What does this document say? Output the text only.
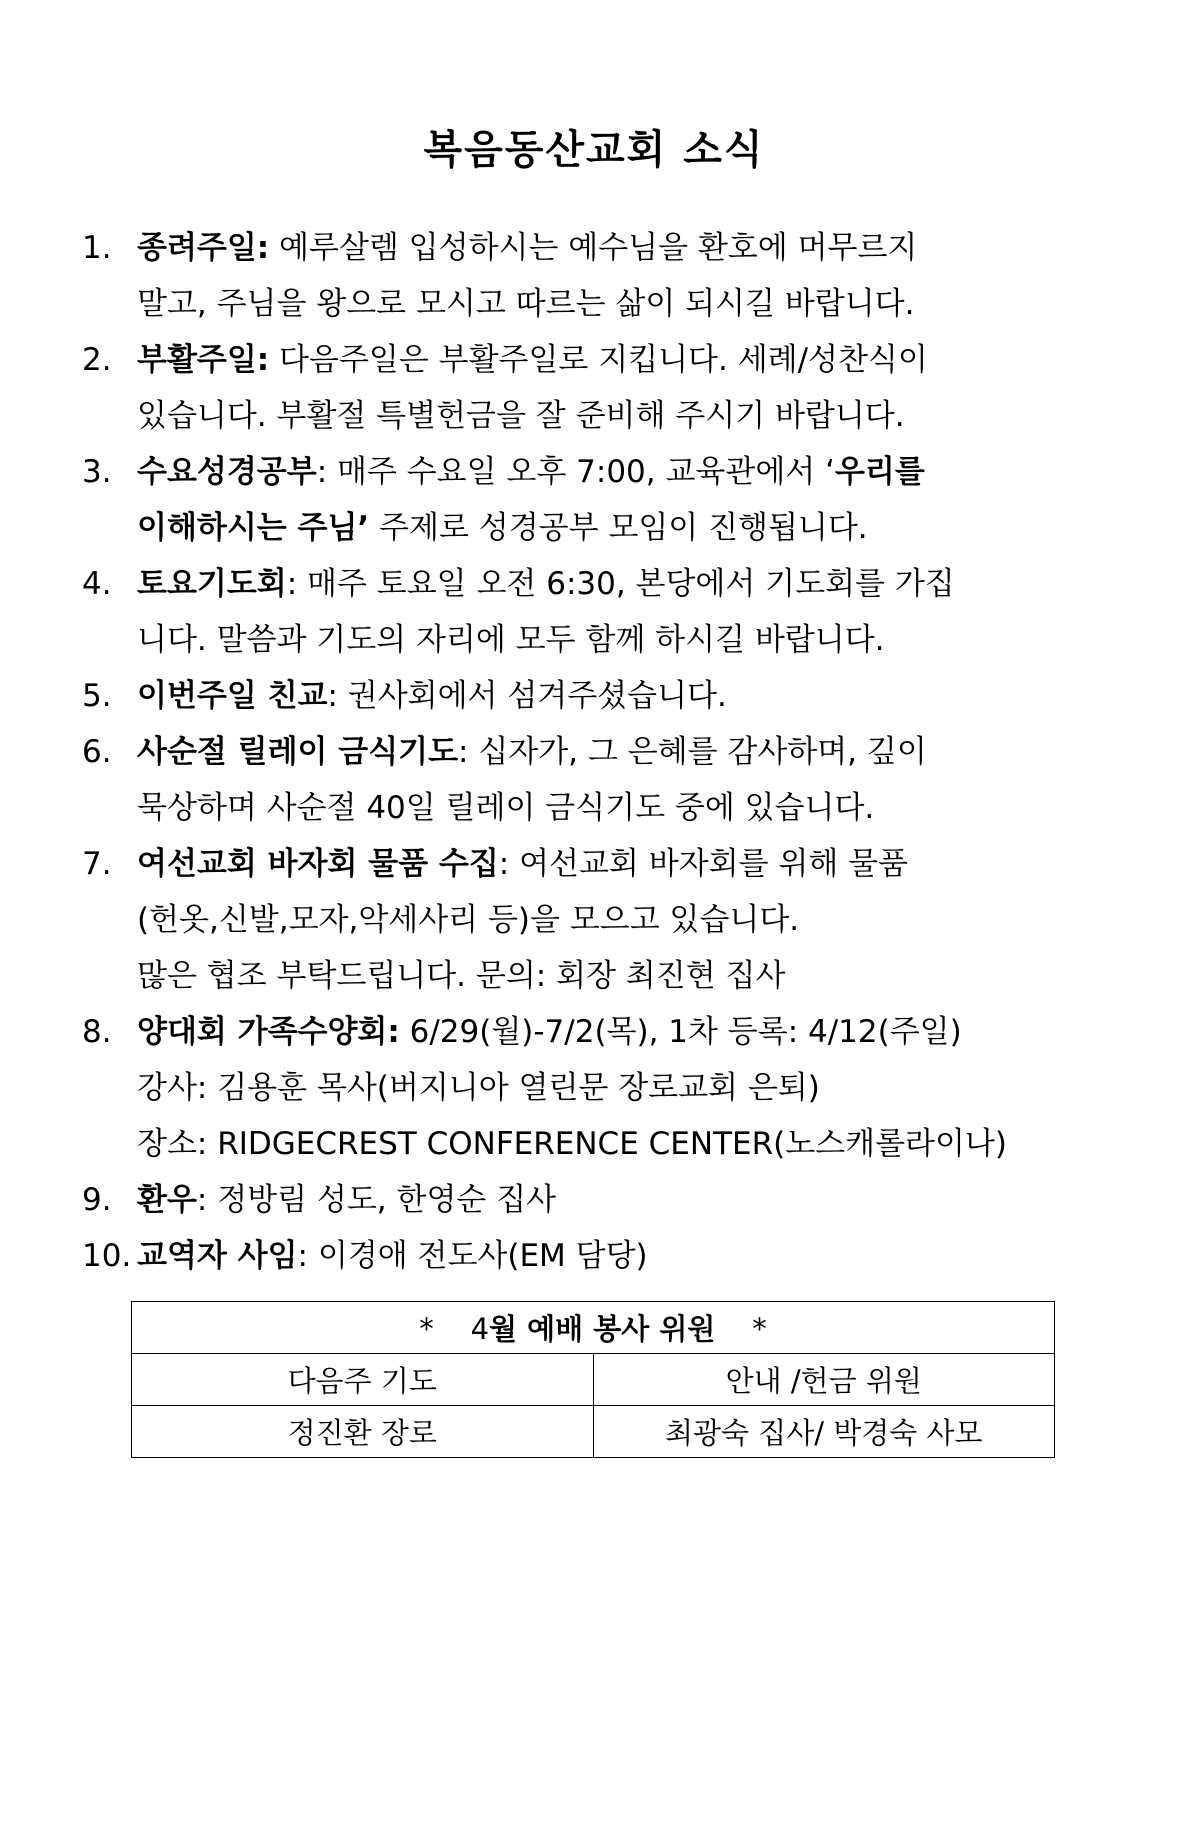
복음동산교회 소식
1. 종려주일: 예루살렘 입성하시는 예수님을 환호에 머무르지
말고, 주님을 왕으로 모시고 따르는 삶이 되시길 바랍니다.
2. 부활주일: 다음주일은 부활주일로 지킵니다. 세례/성찬식이
있습니다. 부활절 특별헌금을 잘 준비해 주시기 바랍니다.
3. 수요성경공부: 매주 수요일 오후 7:00, 교육관에서 ‘우리를
이해하시는 주님’ 주제로 성경공부 모임이 진행됩니다.
4. 토요기도회: 매주 토요일 오전 6:30, 본당에서 기도회를 가집
니다. 말씀과 기도의 자리에 모두 함께 하시길 바랍니다.
5. 이번주일 친교: 권사회에서 섬겨주셨습니다.
6. 사순절 릴레이 금식기도: 십자가, 그 은혜를 감사하며, 깊이
묵상하며 사순절 40일 릴레이 금식기도 중에 있습니다.
7. 여선교회 바자회 물품 수집: 여선교회 바자회를 위해 물품
(헌옷,신발,모자,악세사리 등)을 모으고 있습니다.
많은 협조 부탁드립니다. 문의: 회장 최진현 집사
8. 양대회 가족수양회: 6/29(월)-7/2(목), 1차 등록: 4/12(주일)
강사: 김용훈 목사(버지니아 열린문 장로교회 은퇴)
장소: RIDGECREST CONFERENCE CENTER(노스캐롤라이나)
9. 환우: 정방림 성도, 한영순 집사
10. 교역자 사임: 이경애 전도사(EM 담당)
*    4월 예배 봉사 위원    *	
다음주 기도	안내 /헌금 위원
정진환 장로	최광숙 집사/ 박경숙 사모
